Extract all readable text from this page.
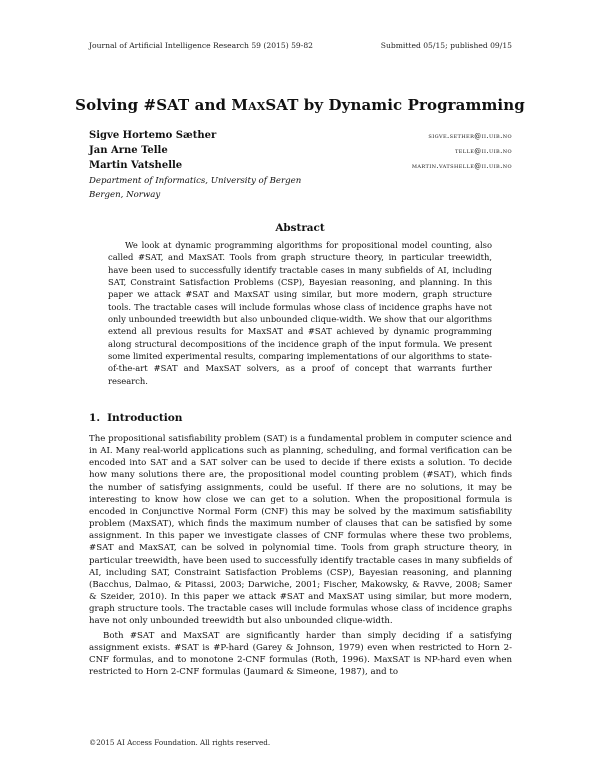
Journal of Artificial Intelligence Research 59 (2015) 59-82	Submitted 05/15; published 09/15
Solving #SAT and MaxSAT by Dynamic Programming
Sigve Hortemo Sæther	sigve.sether@ii.uib.no
Jan Arne Telle	telle@ii.uib.no
Martin Vatshelle	martin.vatshelle@ii.uib.no
Department of Informatics, University of Bergen
Bergen, Norway
Abstract

We look at dynamic programming algorithms for propositional model counting, also called #SAT, and MaxSAT. Tools from graph structure theory, in particular treewidth, have been used to successfully identify tractable cases in many subfields of AI, including SAT, Constraint Satisfaction Problems (CSP), Bayesian reasoning, and planning. In this paper we attack #SAT and MaxSAT using similar, but more modern, graph structure tools. The tractable cases will include formulas whose class of incidence graphs have not only unbounded treewidth but also unbounded clique-width. We show that our algorithms extend all previous results for MaxSAT and #SAT achieved by dynamic programming along structural decompositions of the incidence graph of the input formula. We present some limited experimental results, comparing implementations of our algorithms to state-of-the-art #SAT and MaxSAT solvers, as a proof of concept that warrants further research.

1. Introduction

The propositional satisfiability problem (SAT) is a fundamental problem in computer science and in AI. Many real-world applications such as planning, scheduling, and formal verification can be encoded into SAT and a SAT solver can be used to decide if there exists a solution. To decide how many solutions there are, the propositional model counting problem (#SAT), which finds the number of satisfying assignments, could be useful. If there are no solutions, it may be interesting to know how close we can get to a solution. When the propositional formula is encoded in Conjunctive Normal Form (CNF) this may be solved by the maximum satisfiability problem (MaxSAT), which finds the maximum number of clauses that can be satisfied by some assignment. In this paper we investigate classes of CNF formulas where these two problems, #SAT and MaxSAT, can be solved in polynomial time. Tools from graph structure theory, in particular treewidth, have been used to successfully identify tractable cases in many subfields of AI, including SAT, Constraint Satisfaction Problems (CSP), Bayesian reasoning, and planning (Bacchus, Dalmao, & Pitassi, 2003; Darwiche, 2001; Fischer, Makowsky, & Ravve, 2008; Samer & Szeider, 2010). In this paper we attack #SAT and MaxSAT using similar, but more modern, graph structure tools. The tractable cases will include formulas whose class of incidence graphs have not only unbounded treewidth but also unbounded clique-width.

Both #SAT and MaxSAT are significantly harder than simply deciding if a satisfying assignment exists. #SAT is #P-hard (Garey & Johnson, 1979) even when restricted to Horn 2-CNF formulas, and to monotone 2-CNF formulas (Roth, 1996). MaxSAT is NP-hard even when restricted to Horn 2-CNF formulas (Jaumard & Simeone, 1987), and to

©2015 AI Access Foundation. All rights reserved.
